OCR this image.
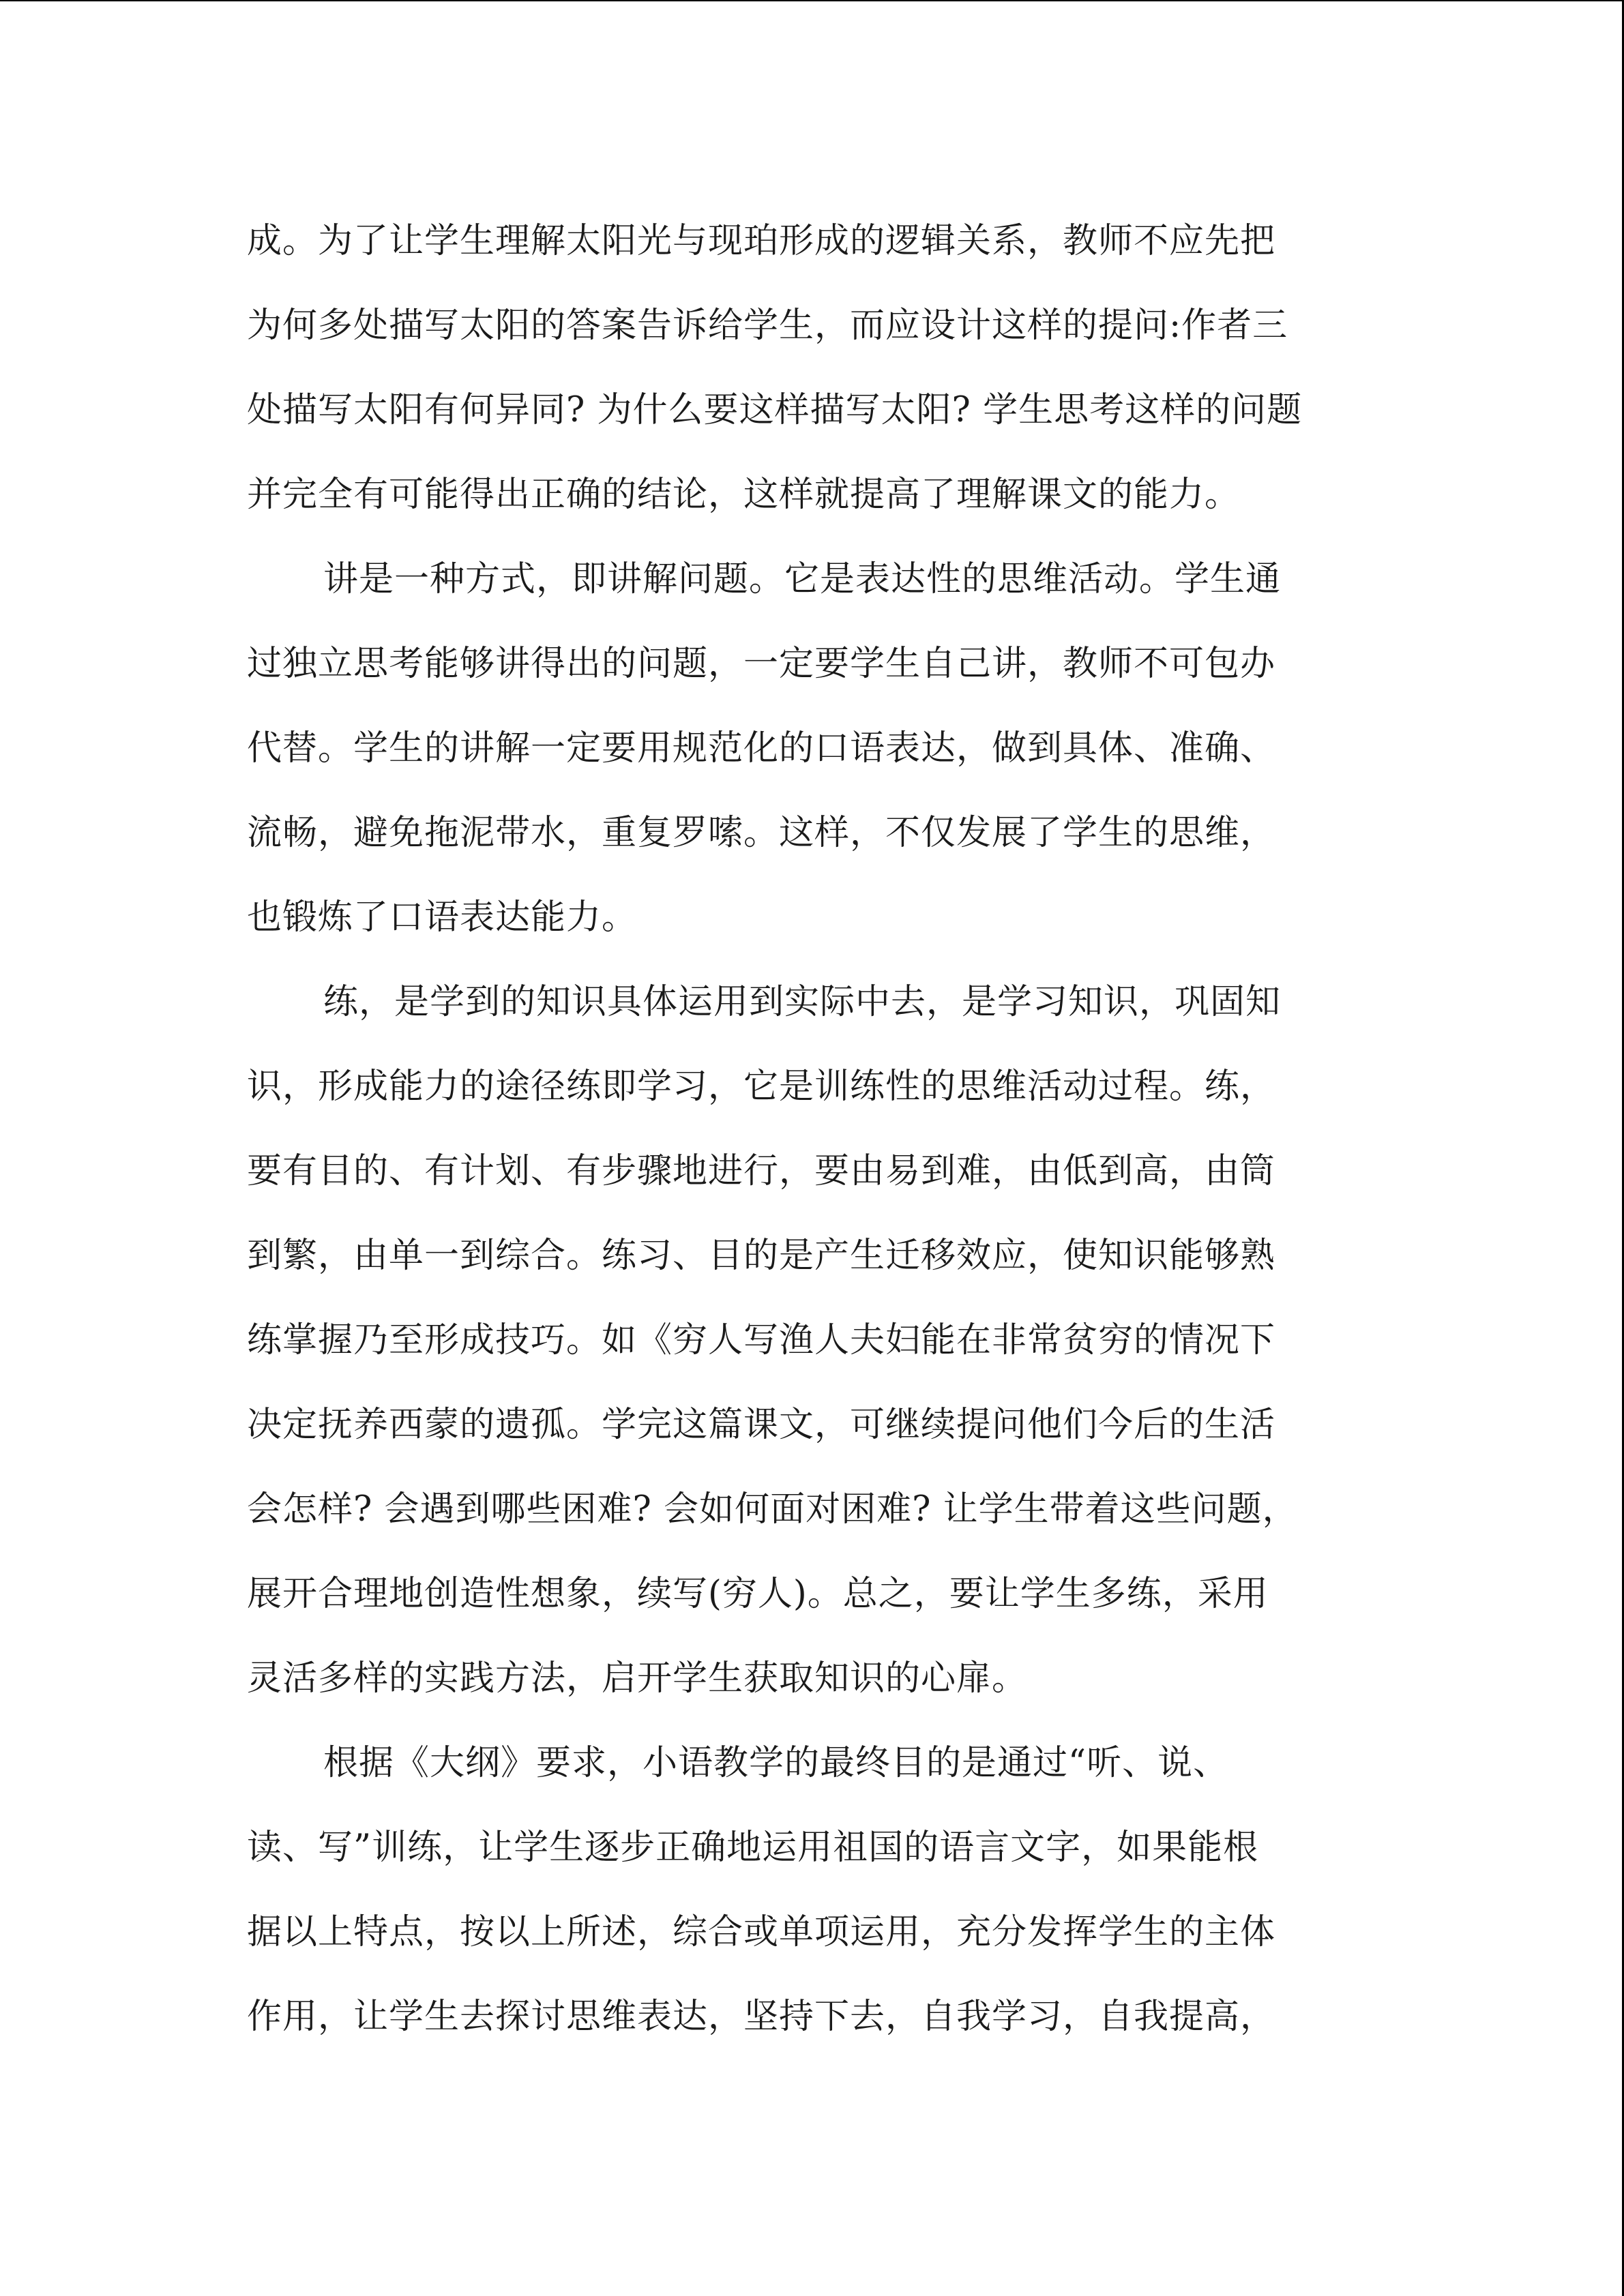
成。为了让学生理解太阳光与现珀形成的逻辑关系，教师不应先把
为何多处描写太阳的答案告诉给学生，而应设计这样的提问:作者三
处描写太阳有何异同? 为什么要这样描写太阳? 学生思考这样的问题
并完全有可能得出正确的结论，这样就提高了理解课文的能力。
讲是一种方式，即讲解问题。它是表达性的思维活动。学生通
过独立思考能够讲得出的问题，一定要学生自己讲，教师不可包办
代替。学生的讲解一定要用规范化的口语表达，做到具体、准确、
流畅，避免拖泥带水，重复罗嗦。这样，不仅发展了学生的思维，
也锻炼了口语表达能力。
练，是学到的知识具体运用到实际中去，是学习知识，巩固知
识，形成能力的途径练即学习，它是训练性的思维活动过程。练，
要有目的、有计划、有步骤地进行，要由易到难，由低到高，由筒
到繁，由单一到综合。练习、目的是产生迁移效应，使知识能够熟
练掌握乃至形成技巧。如《穷人写渔人夫妇能在非常贫穷的情况下
决定抚养西蒙的遗孤。学完这篇课文，可继续提问他们今后的生活
会怎样? 会遇到哪些困难? 会如何面对困难? 让学生带着这些问题，
展开合理地创造性想象，续写(穷人)。总之，要让学生多练，采用
灵活多样的实践方法，启开学生获取知识的心扉。
根据《大纲》要求，小语教学的最终目的是通过“听、说、
读、写”训练，让学生逐步正确地运用祖国的语言文字，如果能根
据以上特点，按以上所述，综合或单项运用，充分发挥学生的主体
作用，让学生去探讨思维表达，坚持下去，自我学习，自我提高，
